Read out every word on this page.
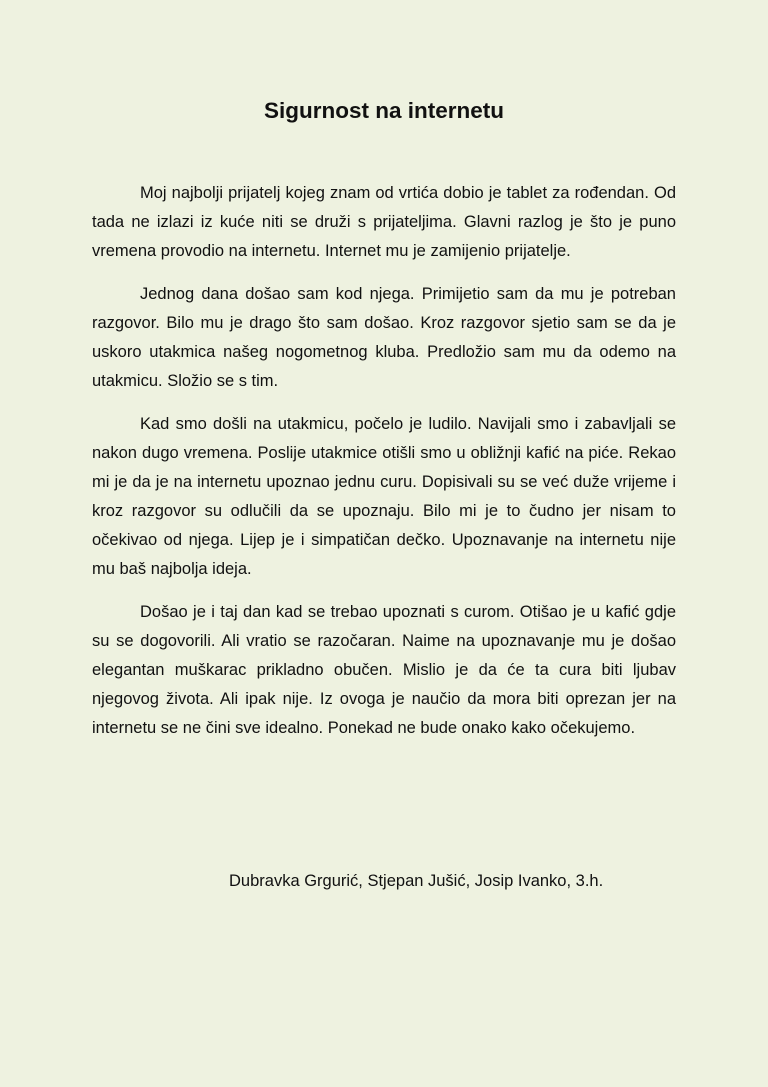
Sigurnost na internetu

Moj najbolji prijatelj kojeg znam od vrtića dobio je tablet za rođendan. Od tada ne izlazi iz kuće niti se druži s prijateljima. Glavni razlog je što je puno vremena provodio na internetu. Internet mu je zamijenio prijatelje.

Jednog dana došao sam kod njega. Primijetio sam da mu je potreban razgovor. Bilo mu je drago što sam došao. Kroz razgovor sjetio sam se da je uskoro utakmica našeg nogometnog kluba. Predložio sam mu da odemo na utakmicu. Složio se s tim.

Kad smo došli na utakmicu, počelo je ludilo. Navijali smo i zabavljali se nakon dugo vremena. Poslije utakmice otišli smo u obližnji kafić na piće. Rekao mi je da je na internetu upoznao jednu curu. Dopisivali su se već duže vrijeme i kroz razgovor su odlučili da se upoznaju. Bilo mi je to čudno jer nisam to očekivao od njega. Lijep je i simpatičan dečko. Upoznavanje na internetu nije mu baš najbolja ideja.

Došao je i taj dan kad se trebao upoznati s curom. Otišao je u kafić gdje su se dogovorili. Ali vratio se razočaran. Naime na upoznavanje mu je došao elegantan muškarac prikladno obučen. Mislio je da će ta cura biti ljubav njegovog života. Ali ipak nije. Iz ovoga je naučio da mora biti oprezan jer na internetu se ne čini sve idealno. Ponekad ne bude onako kako očekujemo.

Dubravka Grgurić, Stjepan Jušić, Josip Ivanko, 3.h.
